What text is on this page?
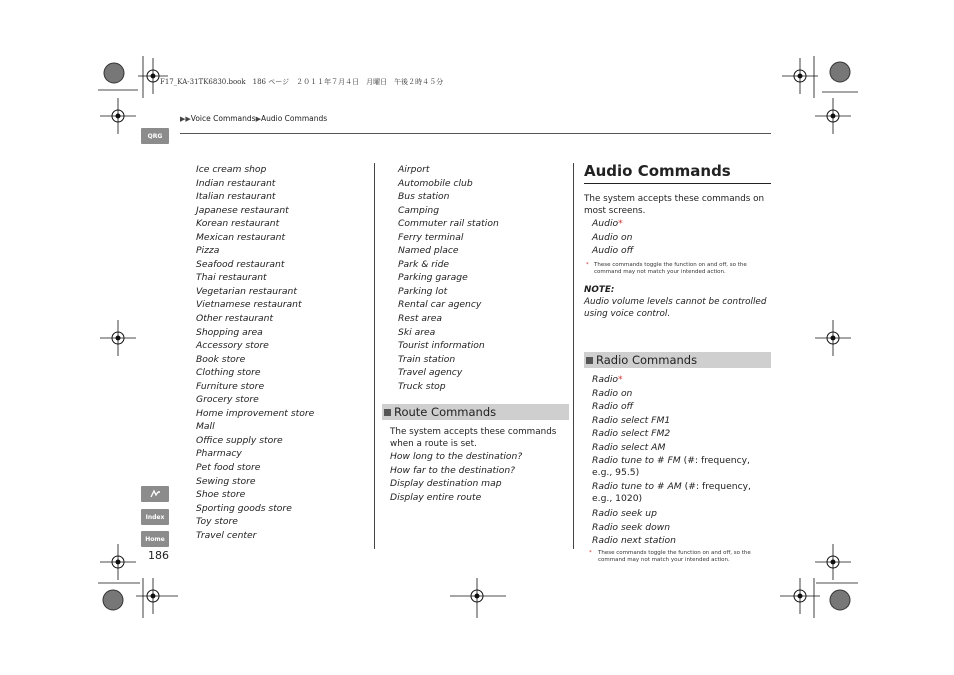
F17_KA-31TK6830.book　186 ページ　２０１１年７月４日　月曜日　午後２時４５分
▶▶Voice Commands▶Audio Commands
QRG
Index
Home
186
Ice cream shop
Indian restaurant
Italian restaurant
Japanese restaurant
Korean restaurant
Mexican restaurant
Pizza
Seafood restaurant
Thai restaurant
Vegetarian restaurant
Vietnamese restaurant
Other restaurant
Shopping area
Accessory store
Book store
Clothing store
Furniture store
Grocery store
Home improvement store
Mall
Office supply store
Pharmacy
Pet food store
Sewing store
Shoe store
Sporting goods store
Toy store
Travel center
Airport
Automobile club
Bus station
Camping
Commuter rail station
Ferry terminal
Named place
Park & ride
Parking garage
Parking lot
Rental car agency
Rest area
Ski area
Tourist information
Train station
Travel agency
Truck stop
Route Commands
The system accepts these commands when a route is set.
How long to the destination?
How far to the destination?
Display destination map
Display entire route
Audio Commands
The system accepts these commands on most screens.
Audio*
Audio on
Audio off
* These commands toggle the function on and off, so the command may not match your intended action.
NOTE:
Audio volume levels cannot be controlled using voice control.
Radio Commands
Radio*
Radio on
Radio off
Radio select FM1
Radio select FM2
Radio select AM
Radio tune to # FM (#: frequency, e.g., 95.5)
Radio tune to # AM (#: frequency, e.g., 1020)
Radio seek up
Radio seek down
Radio next station
*	These commands toggle the function on and off, so the command may not match your intended action.
